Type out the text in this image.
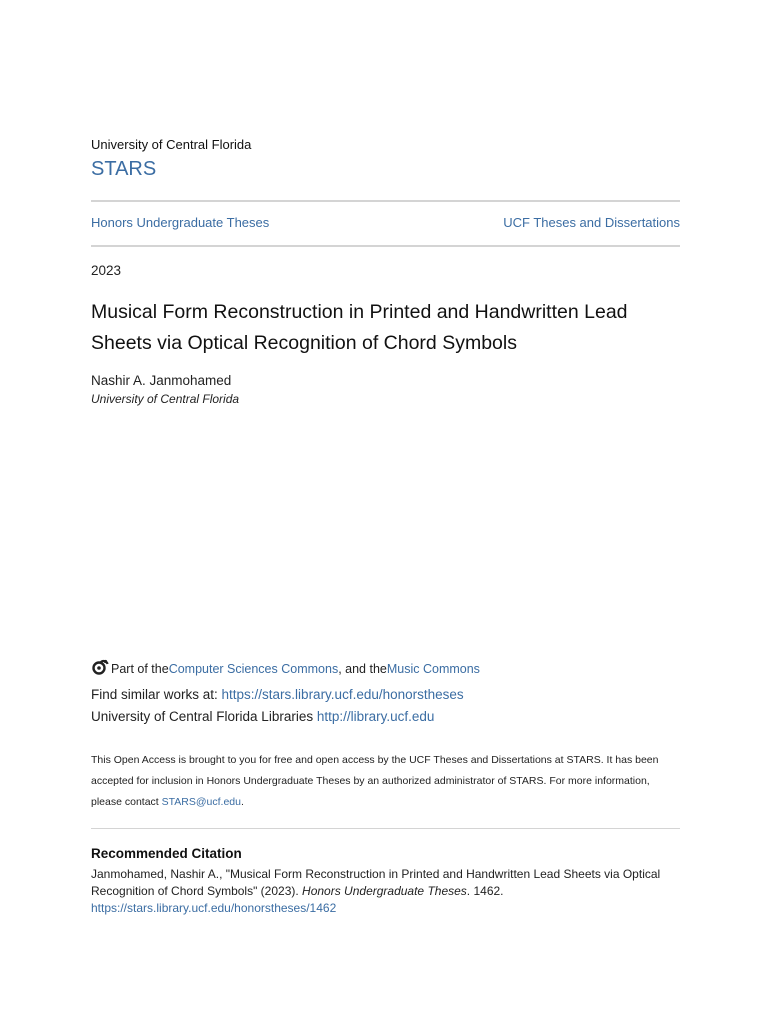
University of Central Florida
STARS
Honors Undergraduate Theses	UCF Theses and Dissertations
2023
Musical Form Reconstruction in Printed and Handwritten Lead Sheets via Optical Recognition of Chord Symbols
Nashir A. Janmohamed
University of Central Florida
Part of the Computer Sciences Commons , and the Music Commons
Find similar works at: https://stars.library.ucf.edu/honorstheses
University of Central Florida Libraries http://library.ucf.edu
This Open Access is brought to you for free and open access by the UCF Theses and Dissertations at STARS. It has been accepted for inclusion in Honors Undergraduate Theses by an authorized administrator of STARS. For more information, please contact STARS@ucf.edu.
Recommended Citation
Janmohamed, Nashir A., "Musical Form Reconstruction in Printed and Handwritten Lead Sheets via Optical Recognition of Chord Symbols" (2023). Honors Undergraduate Theses. 1462.
https://stars.library.ucf.edu/honorstheses/1462
